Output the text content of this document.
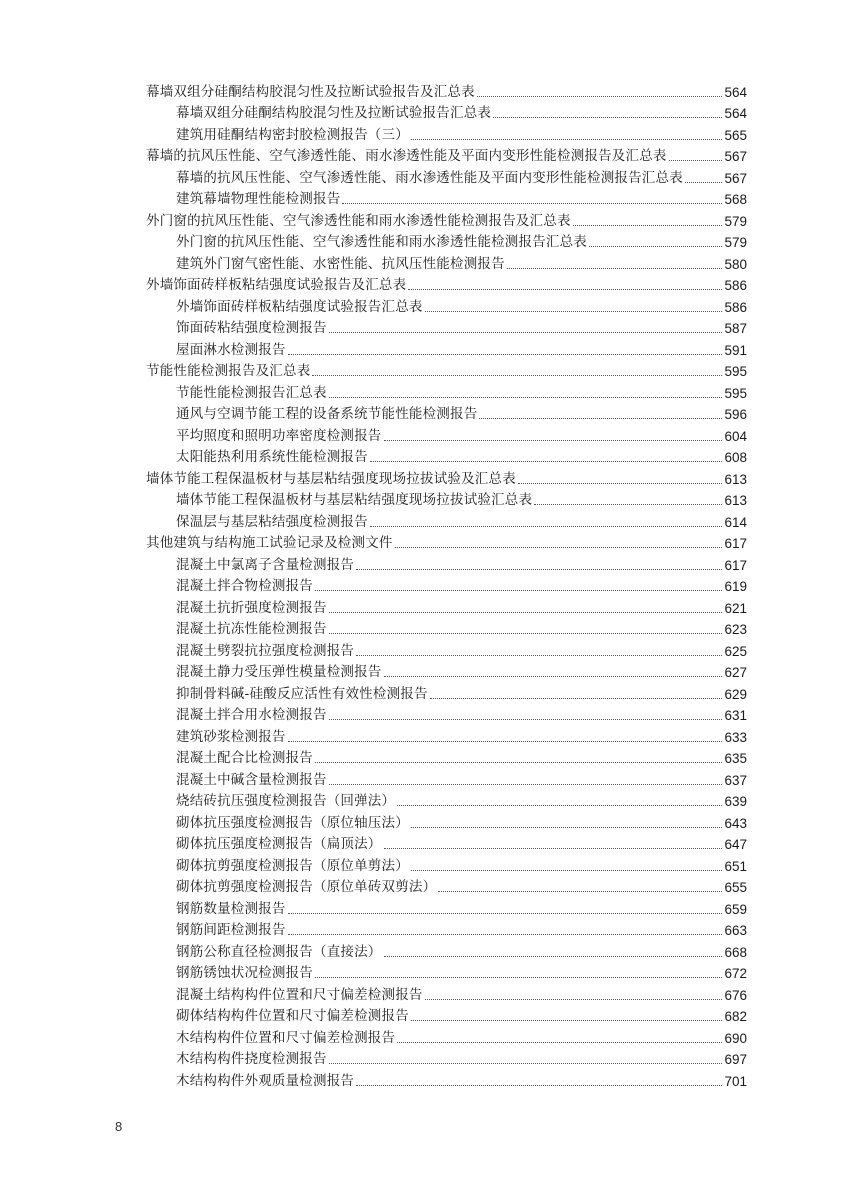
幕墙双组分硅酮结构胶混匀性及拉断试验报告及汇总表	564
幕墙双组分硅酮结构胶混匀性及拉断试验报告汇总表	564
建筑用硅酮结构密封胶检测报告（三）	565
幕墙的抗风压性能、空气渗透性能、雨水渗透性能及平面内变形性能检测报告及汇总表	567
幕墙的抗风压性能、空气渗透性能、雨水渗透性能及平面内变形性能检测报告汇总表	567
建筑幕墙物理性能检测报告	568
外门窗的抗风压性能、空气渗透性能和雨水渗透性能检测报告及汇总表	579
外门窗的抗风压性能、空气渗透性能和雨水渗透性能检测报告汇总表	579
建筑外门窗气密性能、水密性能、抗风压性能检测报告	580
外墙饰面砖样板粘结强度试验报告及汇总表	586
外墙饰面砖样板粘结强度试验报告汇总表	586
饰面砖粘结强度检测报告	587
屋面淋水检测报告	591
节能性能检测报告及汇总表	595
节能性能检测报告汇总表	595
通风与空调节能工程的设备系统节能性能检测报告	596
平均照度和照明功率密度检测报告	604
太阳能热利用系统性能检测报告	608
墙体节能工程保温板材与基层粘结强度现场拉拔试验及汇总表	613
墙体节能工程保温板材与基层粘结强度现场拉拔试验汇总表	613
保温层与基层粘结强度检测报告	614
其他建筑与结构施工试验记录及检测文件	617
混凝土中氯离子含量检测报告	617
混凝土拌合物检测报告	619
混凝土抗折强度检测报告	621
混凝土抗冻性能检测报告	623
混凝土劈裂抗拉强度检测报告	625
混凝土静力受压弹性模量检测报告	627
抑制骨料碱-硅酸反应活性有效性检测报告	629
混凝土拌合用水检测报告	631
建筑砂浆检测报告	633
混凝土配合比检测报告	635
混凝土中碱含量检测报告	637
烧结砖抗压强度检测报告（回弹法）	639
砌体抗压强度检测报告（原位轴压法）	643
砌体抗压强度检测报告（扁顶法）	647
砌体抗剪强度检测报告（原位单剪法）	651
砌体抗剪强度检测报告（原位单砖双剪法）	655
钢筋数量检测报告	659
钢筋间距检测报告	663
钢筋公称直径检测报告（直接法）	668
钢筋锈蚀状况检测报告	672
混凝土结构构件位置和尺寸偏差检测报告	676
砌体结构构件位置和尺寸偏差检测报告	682
木结构构件位置和尺寸偏差检测报告	690
木结构构件挠度检测报告	697
木结构构件外观质量检测报告	701
8
